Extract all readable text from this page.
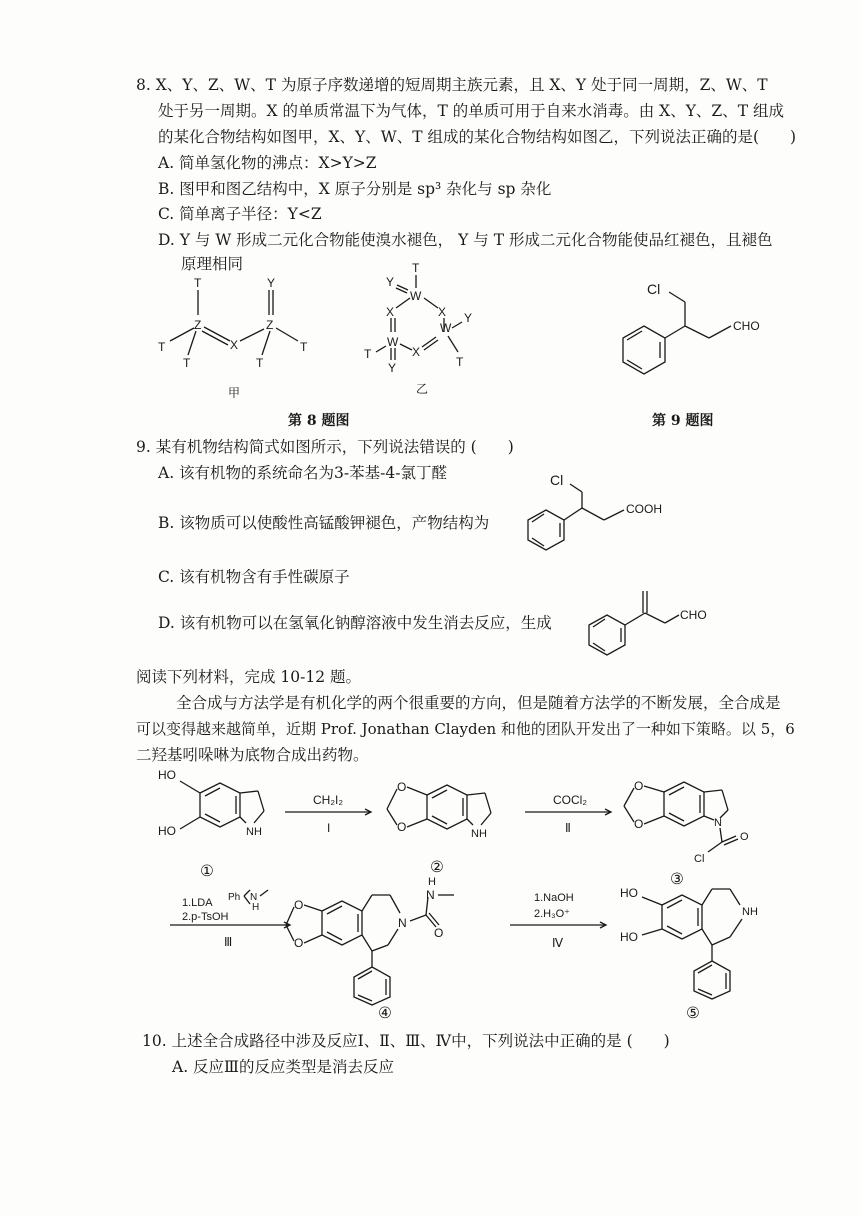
8. X、Y、Z、W、T 为原子序数递增的短周期主族元素，且 X、Y 处于同一周期，Z、W、T
处于另一周期。X 的单质常温下为气体，T 的单质可用于自来水消毒。由 X、Y、Z、T 组成
的某化合物结构如图甲，X、Y、W、T 组成的某化合物结构如图乙，下列说法正确的是(　　)
A. 简单氢化物的沸点：X>Y>Z
B. 图甲和图乙结构中，X 原子分别是 sp³ 杂化与 sp 杂化
C. 简单离子半径：Y<Z
D. Y 与 W 形成二元化合物能使溴水褪色， Y 与 T 形成二元化合物能使品红褪色，且褪色
原理相同
T	Y
Z	Z
X
T
T
T
T
甲
T
Y
W
X	X
W
W
X
Y
T
T
Y
乙
Cl
CHO
第 8 题图	第 9 题图
9. 某有机物结构简式如图所示，下列说法错误的 (　　)
A. 该有机物的系统命名为3-苯基-4-氯丁醛
B. 该物质可以使酸性高锰酸钾褪色，产物结构为
Cl
COOH
C. 该有机物含有手性碳原子
D. 该有机物可以在氢氧化钠醇溶液中发生消去反应，生成	CHO
阅读下列材料，完成 10-12 题。
全合成与方法学是有机化学的两个很重要的方向，但是随着方法学的不断发展，全合成是
可以变得越来越简单，近期 Prof. Jonathan Clayden 和他的团队开发出了一种如下策略。以 5，6
二羟基吲哚啉为底物合成出药物。
HO
HO	NH
①
CH₂I₂
I
O
O	NH
②
COCl₂
Ⅱ
O
O	N
Cl
O
③
1.LDA
2.p-TsOH
Ph N
H
Ⅲ
O
O
N
O
H
N
④
1.NaOH
2.H₃O⁺
Ⅳ
HO
HO
NH
⑤
10. 上述全合成路径中涉及反应I、Ⅱ、Ⅲ、Ⅳ中，下列说法中正确的是 (　　)
A. 反应Ⅲ的反应类型是消去反应
